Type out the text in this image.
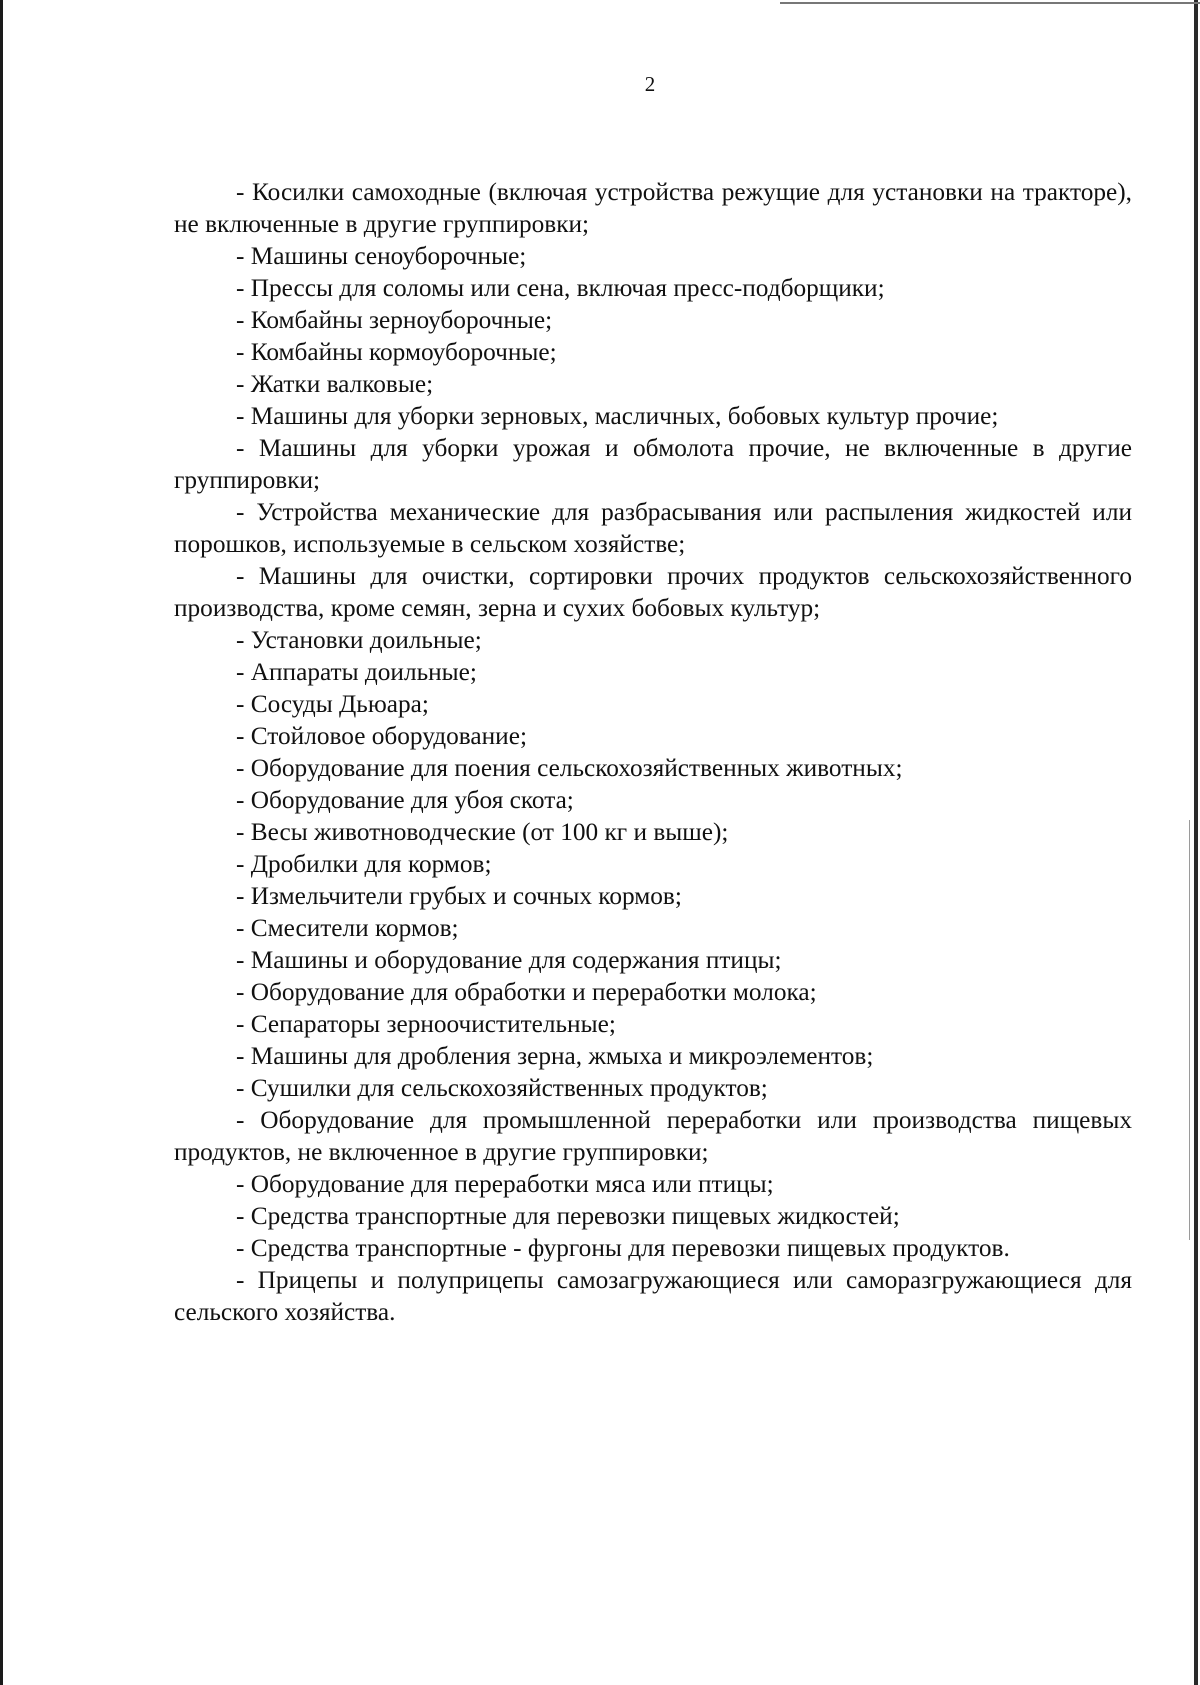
2

- Косилки самоходные (включая устройства режущие для установки на тракторе), не включенные в другие группировки;

- Машины сеноуборочные;

- Прессы для соломы или сена, включая пресс-подборщики;

- Комбайны зерноуборочные;

- Комбайны кормоуборочные;

- Жатки валковые;

- Машины для уборки зерновых, масличных, бобовых культур прочие;

- Машины для уборки урожая и обмолота прочие, не включенные в другие группировки;

- Устройства механические для разбрасывания или распыления жидкостей или порошков, используемые в сельском хозяйстве;

- Машины для очистки, сортировки прочих продуктов сельскохозяйственного производства, кроме семян, зерна и сухих бобовых культур;

- Установки доильные;

- Аппараты доильные;

- Сосуды Дьюара;

- Стойловое оборудование;

- Оборудование для поения сельскохозяйственных животных;

- Оборудование для убоя скота;

- Весы животноводческие (от 100 кг и выше);

- Дробилки для кормов;

- Измельчители грубых и сочных кормов;

- Смесители кормов;

- Машины и оборудование для содержания птицы;

- Оборудование для обработки и переработки молока;

- Сепараторы зерноочистительные;

- Машины для дробления зерна, жмыха и микроэлементов;

- Сушилки для сельскохозяйственных продуктов;

- Оборудование для промышленной переработки или производства пищевых продуктов, не включенное в другие группировки;

- Оборудование для переработки мяса или птицы;

- Средства транспортные для перевозки пищевых жидкостей;

- Средства транспортные - фургоны для перевозки пищевых продуктов.

- Прицепы и полуприцепы самозагружающиеся или саморазгружающиеся для сельского хозяйства.
